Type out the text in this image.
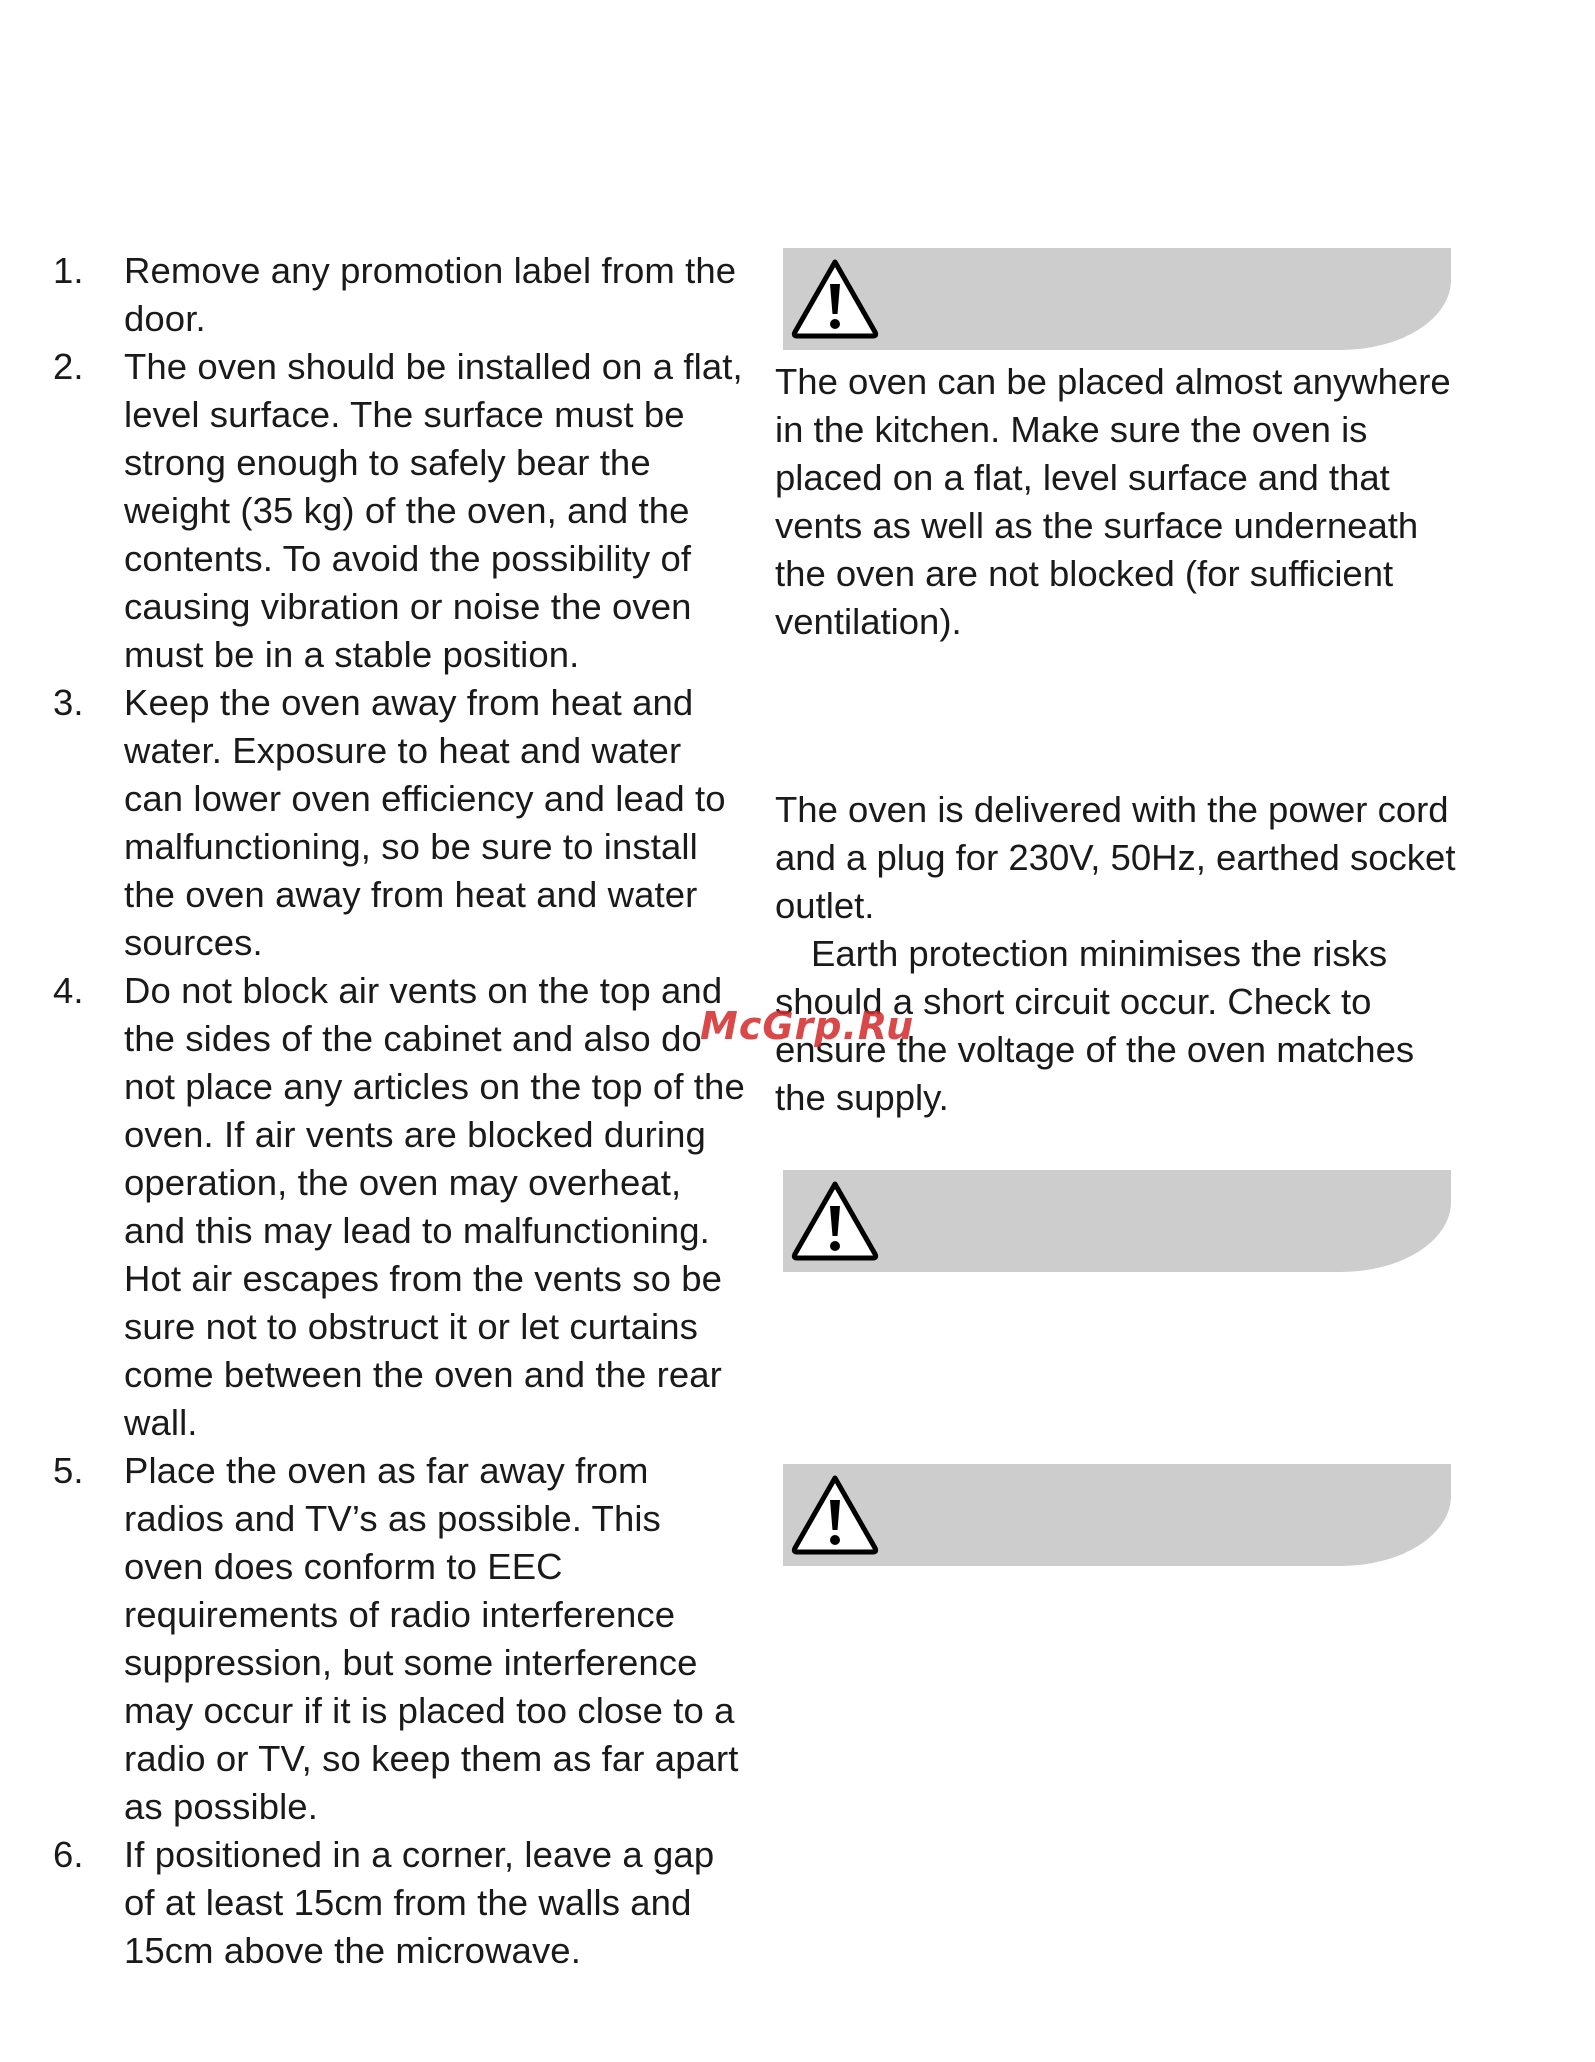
1. Remove any promotion label from the door.
2. The oven should be installed on a flat, level surface. The surface must be strong enough to safely bear the weight (35 kg) of the oven, and the contents. To avoid the possibility of causing vibration or noise the oven must be in a stable position.
3. Keep the oven away from heat and water. Exposure to heat and water can lower oven efficiency and lead to malfunctioning, so be sure to install the oven away from heat and water sources.
4. Do not block air vents on the top and the sides of the cabinet and also do not place any articles on the top of the oven. If air vents are blocked during operation, the oven may overheat, and this may lead to malfunctioning. Hot air escapes from the vents so be sure not to obstruct it or let curtains come between the oven and the rear wall.
5. Place the oven as far away from radios and TV’s as possible. This oven does conform to EEC requirements of radio interference suppression, but some interference may occur if it is placed too close to a radio or TV, so keep them as far apart as possible.
6. If positioned in a corner, leave a gap of at least 15cm from the walls and 15cm above the microwave.

The oven can be placed almost anywhere in the kitchen. Make sure the oven is placed on a flat, level surface and that vents as well as the surface underneath the oven are not blocked (for sufficient ventilation).

The oven is delivered with the power cord and a plug for 230V, 50Hz, earthed socket outlet.

Earth protection minimises the risks should a short circuit occur. Check to ensure the voltage of the oven matches the supply.

McGrp.Ru
